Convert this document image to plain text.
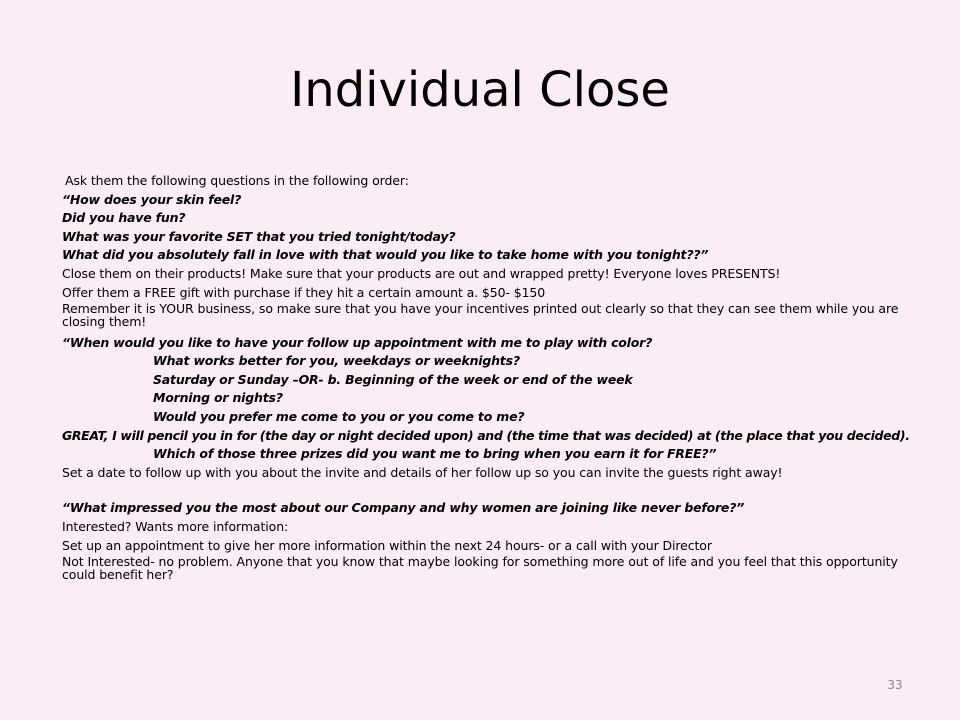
Individual Close
Ask them the following questions in the following order:
“How does your skin feel?
Did you have fun?
What was your favorite SET that you tried tonight/today?
What did you absolutely fall in love with that would you like to take home with you tonight??”
Close them on their products! Make sure that your products are out and wrapped pretty! Everyone loves PRESENTS!
Offer them a FREE gift with purchase if they hit a certain amount a. $50- $150
Remember it is YOUR business, so make sure that you have your incentives printed out clearly so that they can see them while you are closing them!
“When would you like to have your follow up appointment with me to play with color?
What works better for you, weekdays or weeknights?
Saturday or Sunday –OR- b. Beginning of the week or end of the week
Morning or nights?
Would you prefer me come to you or you come to me?
GREAT, I will pencil you in for (the day or night decided upon) and (the time that was decided) at (the place that you decided).
Which of those three prizes did you want me to bring when you earn it for FREE?”
Set a date to follow up with you about the invite and details of her follow up so you can invite the guests right away!
“What impressed you the most about our Company and why women are joining like never before?”
Interested? Wants more information:
Set up an appointment to give her more information within the next 24 hours- or a call with your Director
Not Interested- no problem. Anyone that you know that maybe looking for something more out of life and you feel that this opportunity could benefit her?
33
